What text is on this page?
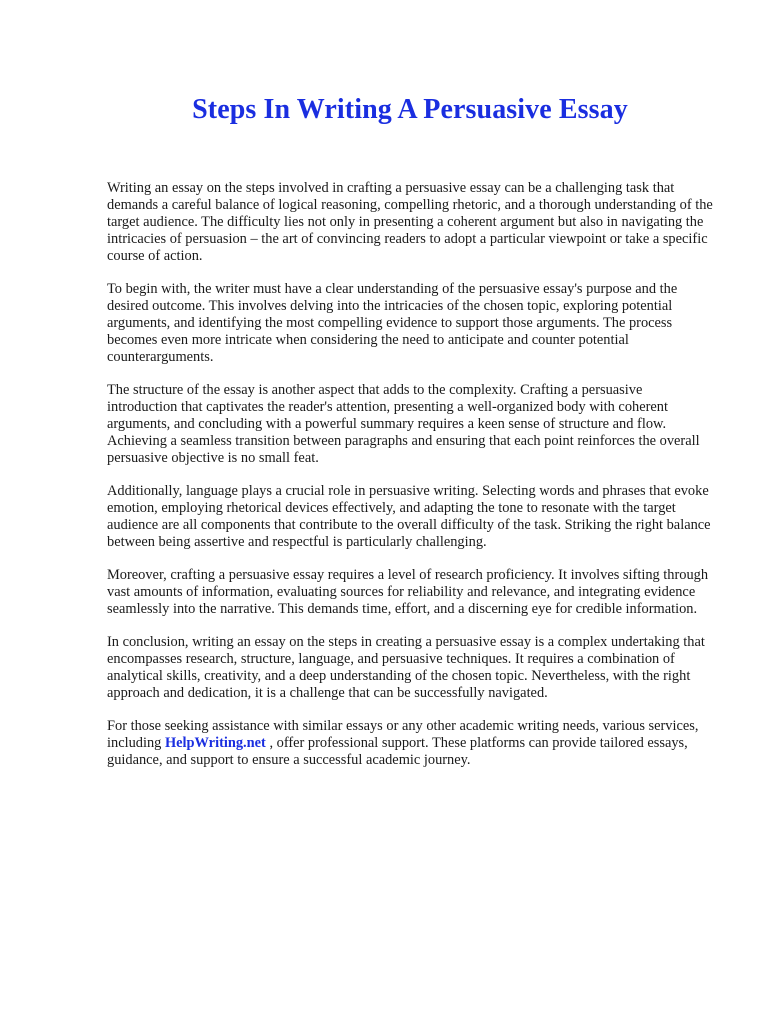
Steps In Writing A Persuasive Essay

Writing an essay on the steps involved in crafting a persuasive essay can be a challenging task that demands a careful balance of logical reasoning, compelling rhetoric, and a thorough understanding of the target audience. The difficulty lies not only in presenting a coherent argument but also in navigating the intricacies of persuasion – the art of convincing readers to adopt a particular viewpoint or take a specific course of action.

To begin with, the writer must have a clear understanding of the persuasive essay's purpose and the desired outcome. This involves delving into the intricacies of the chosen topic, exploring potential arguments, and identifying the most compelling evidence to support those arguments. The process becomes even more intricate when considering the need to anticipate and counter potential counterarguments.

The structure of the essay is another aspect that adds to the complexity. Crafting a persuasive introduction that captivates the reader's attention, presenting a well-organized body with coherent arguments, and concluding with a powerful summary requires a keen sense of structure and flow. Achieving a seamless transition between paragraphs and ensuring that each point reinforces the overall persuasive objective is no small feat.

Additionally, language plays a crucial role in persuasive writing. Selecting words and phrases that evoke emotion, employing rhetorical devices effectively, and adapting the tone to resonate with the target audience are all components that contribute to the overall difficulty of the task. Striking the right balance between being assertive and respectful is particularly challenging.

Moreover, crafting a persuasive essay requires a level of research proficiency. It involves sifting through vast amounts of information, evaluating sources for reliability and relevance, and integrating evidence seamlessly into the narrative. This demands time, effort, and a discerning eye for credible information.

In conclusion, writing an essay on the steps in creating a persuasive essay is a complex undertaking that encompasses research, structure, language, and persuasive techniques. It requires a combination of analytical skills, creativity, and a deep understanding of the chosen topic. Nevertheless, with the right approach and dedication, it is a challenge that can be successfully navigated.

For those seeking assistance with similar essays or any other academic writing needs, various services, including HelpWriting.net , offer professional support. These platforms can provide tailored essays, guidance, and support to ensure a successful academic journey.
